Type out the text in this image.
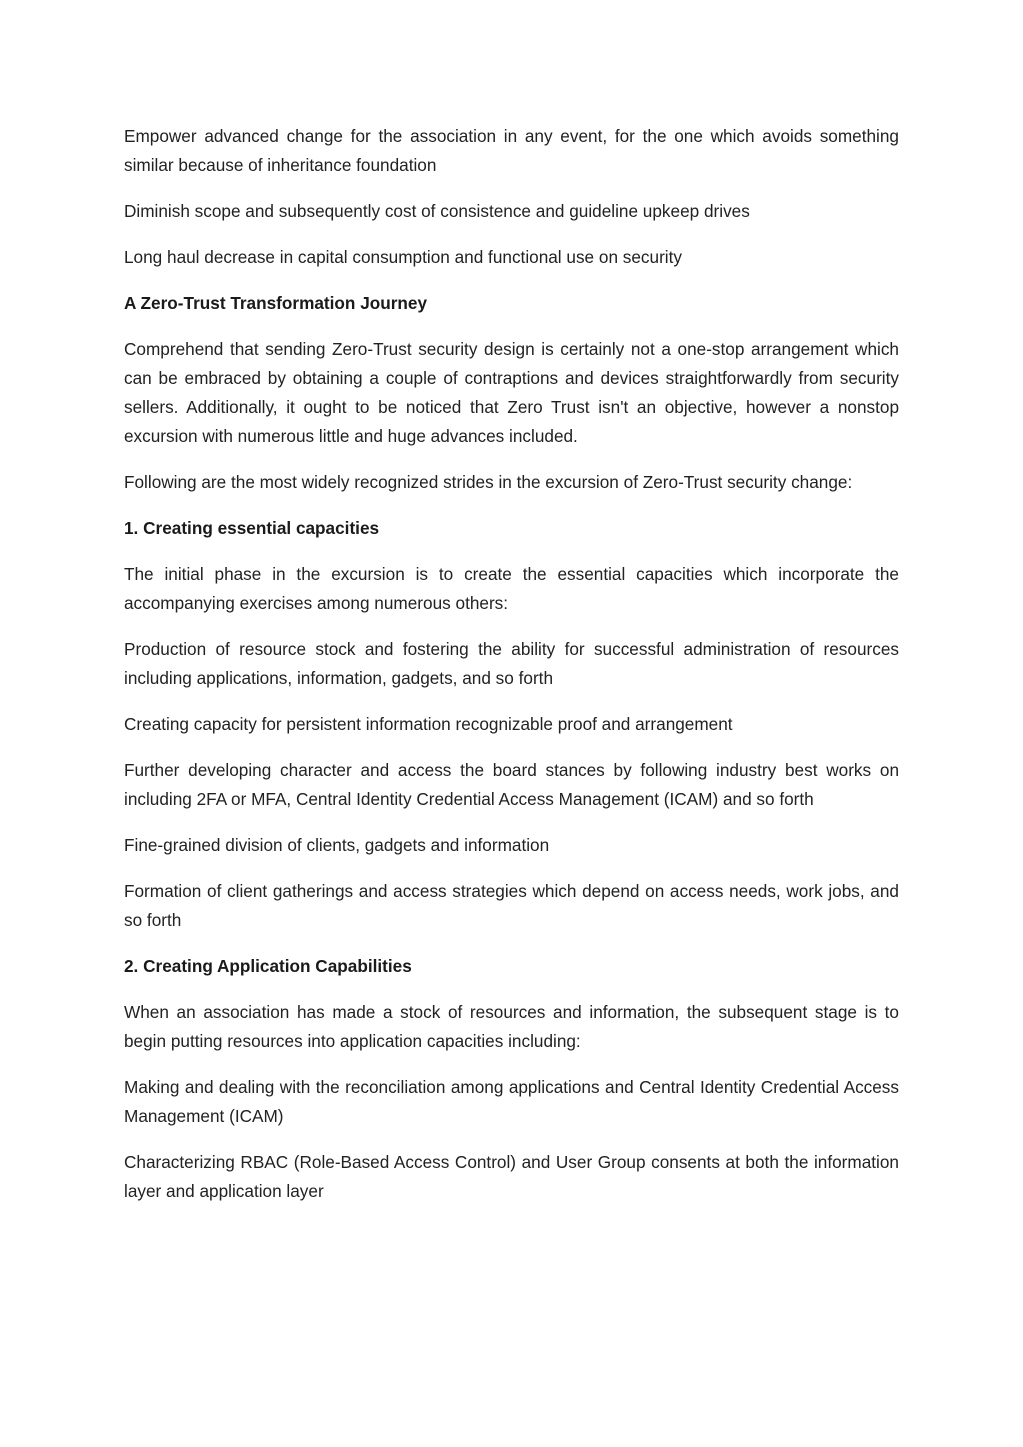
Empower advanced change for the association in any event, for the one which avoids something similar because of inheritance foundation

Diminish scope and subsequently cost of consistence and guideline upkeep drives

Long haul decrease in capital consumption and functional use on security

A Zero-Trust Transformation Journey

Comprehend that sending Zero-Trust security design is certainly not a one-stop arrangement which can be embraced by obtaining a couple of contraptions and devices straightforwardly from security sellers. Additionally, it ought to be noticed that Zero Trust isn't an objective, however a nonstop excursion with numerous little and huge advances included.

Following are the most widely recognized strides in the excursion of Zero-Trust security change:

1. Creating essential capacities

The initial phase in the excursion is to create the essential capacities which incorporate the accompanying exercises among numerous others:

Production of resource stock and fostering the ability for successful administration of resources including applications, information, gadgets, and so forth

Creating capacity for persistent information recognizable proof and arrangement

Further developing character and access the board stances by following industry best works on including 2FA or MFA, Central Identity Credential Access Management (ICAM) and so forth

Fine-grained division of clients, gadgets and information

Formation of client gatherings and access strategies which depend on access needs, work jobs, and so forth

2. Creating Application Capabilities

When an association has made a stock of resources and information, the subsequent stage is to begin putting resources into application capacities including:

Making and dealing with the reconciliation among applications and Central Identity Credential Access Management (ICAM)

Characterizing RBAC (Role-Based Access Control) and User Group consents at both the information layer and application layer
